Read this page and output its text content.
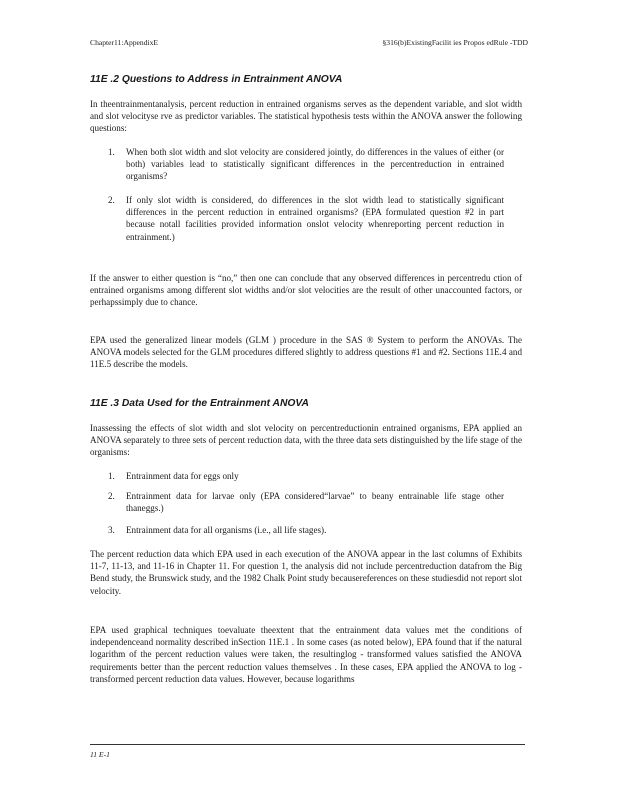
Chapter11:AppendixE	§316(b)ExistingFacilit ies Propos edRule -TDD
11E .2 Questions to Address in Entrainment ANOVA

In theentrainmentanalysis, percent reduction in entrained organisms serves as the dependent variable, and slot width and slot velocityse rve as predictor variables. The statistical hypothesis tests within the ANOVA answer the following questions:

1. When both slot width and slot velocity are considered jointly, do differences in the values of either (or both) variables lead to statistically significant differences in the percentreduction in entrained organisms?
2. If only slot width is considered, do differences in the slot width lead to statistically significant differences in the percent reduction in entrained organisms? (EPA formulated question #2 in part because notall facilities provided information onslot velocity whenreporting percent reduction in entrainment.)

If the answer to either question is “no,” then one can conclude that any observed differences in percentredu ction of entrained organisms among different slot widths and/or slot velocities are the result of other unaccounted factors, or perhapssimply due to chance.

EPA used the generalized linear models (GLM ) procedure in the SAS ® System to perform the ANOVAs. The ANOVA models selected for the GLM procedures differed slightly to address questions #1 and #2. Sections 11E.4 and 11E.5 describe the models.

11E .3 Data Used for the Entrainment ANOVA

Inassessing the effects of slot width and slot velocity on percentreductionin entrained organisms, EPA applied an ANOVA separately to three sets of percent reduction data, with the three data sets distinguished by the life stage of the organisms:

1. Entrainment data for eggs only
2. Entrainment data for larvae only (EPA considered“larvae” to beany entrainable life stage other thaneggs.)
3. Entrainment data for all organisms (i.e., all life stages).

The percent reduction data which EPA used in each execution of the ANOVA appear in the last columns of Exhibits 11-7, 11-13, and 11-16 in Chapter 11. For question 1, the analysis did not include percentreduction datafrom the Big Bend study, the Brunswick study, and the 1982 Chalk Point study becausereferences on these studiesdid not report slot velocity.

EPA used graphical techniques toevaluate theextent that the entrainment data values met the conditions of independenceand normality described inSection 11E.1 . In some cases (as noted below), EPA found that if the natural logarithm of the percent reduction values were taken, the resultinglog - transformed values satisfied the ANOVA requirements better than the percent reduction values themselves . In these cases, EPA applied the ANOVA to log -transformed percent reduction data values. However, because logarithms

11 E-1
